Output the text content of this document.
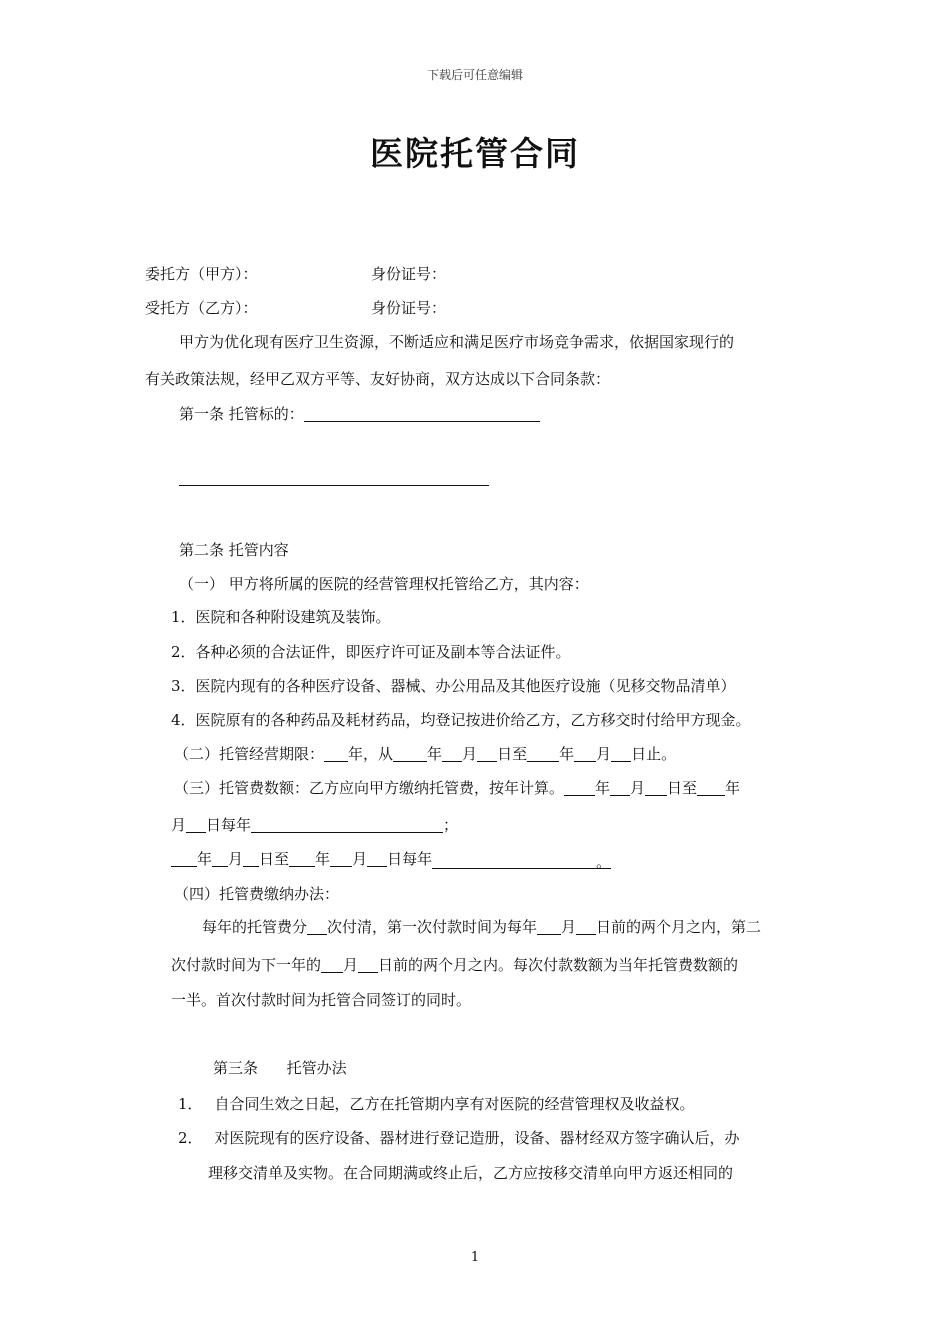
下载后可任意编辑
医院托管合同
委托方（甲方）：	身份证号：
受托方（乙方）：	身份证号：
甲方为优化现有医疗卫生资源，不断适应和满足医疗市场竞争需求，依据国家现行的
有关政策法规，经甲乙双方平等、友好协商，双方达成以下合同条款：
第一条 托管标的：
第二条 托管内容
（一） 甲方将所属的医院的经营管理权托管给乙方，其内容：
1．医院和各种附设建筑及装饰。
2．各种必须的合法证件，即医疗许可证及副本等合法证件。
3．医院内现有的各种医疗设备、器械、办公用品及其他医疗设施（见移交物品清单）
4．医院原有的各种药品及耗材药品，均登记按进价给乙方，乙方移交时付给甲方现金。
（二）托管经营期限： 年，从 年 月 日至 年 月 日止。
（三）托管费数额：乙方应向甲方缴纳托管费，按年计算。 年 月 日至 年
月 日每年	；
年 月 日至 年 月 日每年	。
（四）托管费缴纳办法：
每年的托管费分 次付清，第一次付款时间为每年 月 日前的两个月之内，第二
次付款时间为下一年的 月 日前的两个月之内。每次付款数额为当年托管费数额的
一半。首次付款时间为托管合同签订的同时。
第三条      托管办法
1． 自合同生效之日起，乙方在托管期内享有对医院的经营管理权及收益权。
2． 对医院现有的医疗设备、器材进行登记造册，设备、器材经双方签字确认后，办
理移交清单及实物。在合同期满或终止后，乙方应按移交清单向甲方返还相同的
1
